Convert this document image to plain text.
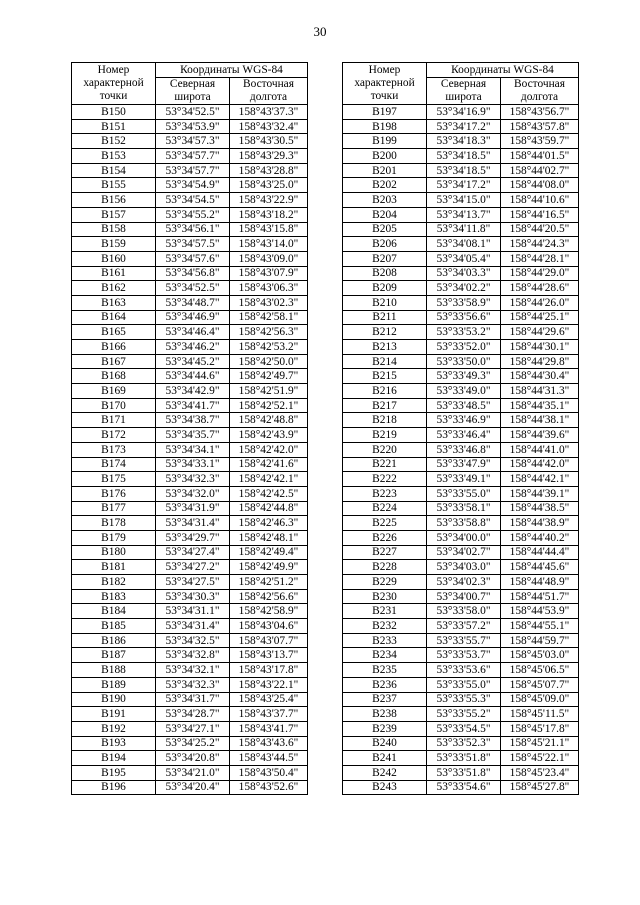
30
Номер характерной точки	Координаты WGS-84	

	Северная широта	Восточная долгота

B150	53°34'52.5"	158°43'37.3"
B151	53°34'53.9"	158°43'32.4"
B152	53°34'57.3"	158°43'30.5"
B153	53°34'57.7"	158°43'29.3"
B154	53°34'57.7"	158°43'28.8"
B155	53°34'54.9"	158°43'25.0"
B156	53°34'54.5"	158°43'22.9"
B157	53°34'55.2"	158°43'18.2"
B158	53°34'56.1"	158°43'15.8"
B159	53°34'57.5"	158°43'14.0"
B160	53°34'57.6"	158°43'09.0"
B161	53°34'56.8"	158°43'07.9"
B162	53°34'52.5"	158°43'06.3"
B163	53°34'48.7"	158°43'02.3"
B164	53°34'46.9"	158°42'58.1"
B165	53°34'46.4"	158°42'56.3"
B166	53°34'46.2"	158°42'53.2"
B167	53°34'45.2"	158°42'50.0"
B168	53°34'44.6"	158°42'49.7"
B169	53°34'42.9"	158°42'51.9"
B170	53°34'41.7"	158°42'52.1"
B171	53°34'38.7"	158°42'48.8"
B172	53°34'35.7"	158°42'43.9"
B173	53°34'34.1"	158°42'42.0"
B174	53°34'33.1"	158°42'41.6"
B175	53°34'32.3"	158°42'42.1"
B176	53°34'32.0"	158°42'42.5"
B177	53°34'31.9"	158°42'44.8"
B178	53°34'31.4"	158°42'46.3"
B179	53°34'29.7"	158°42'48.1"
B180	53°34'27.4"	158°42'49.4"
B181	53°34'27.2"	158°42'49.9"
B182	53°34'27.5"	158°42'51.2"
B183	53°34'30.3"	158°42'56.6"
B184	53°34'31.1"	158°42'58.9"
B185	53°34'31.4"	158°43'04.6"
B186	53°34'32.5"	158°43'07.7"
B187	53°34'32.8"	158°43'13.7"
B188	53°34'32.1"	158°43'17.8"
B189	53°34'32.3"	158°43'22.1"
B190	53°34'31.7"	158°43'25.4"
B191	53°34'28.7"	158°43'37.7"
B192	53°34'27.1"	158°43'41.7"
B193	53°34'25.2"	158°43'43.6"
B194	53°34'20.8"	158°43'44.5"
B195	53°34'21.0"	158°43'50.4"
B196	53°34'20.4"	158°43'52.6"
Номер характерной точки	Координаты WGS-84	

	Северная широта	Восточная долгота

B197	53°34'16.9"	158°43'56.7"
B198	53°34'17.2"	158°43'57.8"
B199	53°34'18.3"	158°43'59.7"
B200	53°34'18.5"	158°44'01.5"
B201	53°34'18.5"	158°44'02.7"
B202	53°34'17.2"	158°44'08.0"
B203	53°34'15.0"	158°44'10.6"
B204	53°34'13.7"	158°44'16.5"
B205	53°34'11.8"	158°44'20.5"
B206	53°34'08.1"	158°44'24.3"
B207	53°34'05.4"	158°44'28.1"
B208	53°34'03.3"	158°44'29.0"
B209	53°34'02.2"	158°44'28.6"
B210	53°33'58.9"	158°44'26.0"
B211	53°33'56.6"	158°44'25.1"
B212	53°33'53.2"	158°44'29.6"
B213	53°33'52.0"	158°44'30.1"
B214	53°33'50.0"	158°44'29.8"
B215	53°33'49.3"	158°44'30.4"
B216	53°33'49.0"	158°44'31.3"
B217	53°33'48.5"	158°44'35.1"
B218	53°33'46.9"	158°44'38.1"
B219	53°33'46.4"	158°44'39.6"
B220	53°33'46.8"	158°44'41.0"
B221	53°33'47.9"	158°44'42.0"
B222	53°33'49.1"	158°44'42.1"
B223	53°33'55.0"	158°44'39.1"
B224	53°33'58.1"	158°44'38.5"
B225	53°33'58.8"	158°44'38.9"
B226	53°34'00.0"	158°44'40.2"
B227	53°34'02.7"	158°44'44.4"
B228	53°34'03.0"	158°44'45.6"
B229	53°34'02.3"	158°44'48.9"
B230	53°34'00.7"	158°44'51.7"
B231	53°33'58.0"	158°44'53.9"
B232	53°33'57.2"	158°44'55.1"
B233	53°33'55.7"	158°44'59.7"
B234	53°33'53.7"	158°45'03.0"
B235	53°33'53.6"	158°45'06.5"
B236	53°33'55.0"	158°45'07.7"
B237	53°33'55.3"	158°45'09.0"
B238	53°33'55.2"	158°45'11.5"
B239	53°33'54.5"	158°45'17.8"
B240	53°33'52.3"	158°45'21.1"
B241	53°33'51.8"	158°45'22.1"
B242	53°33'51.8"	158°45'23.4"
B243	53°33'54.6"	158°45'27.8"
